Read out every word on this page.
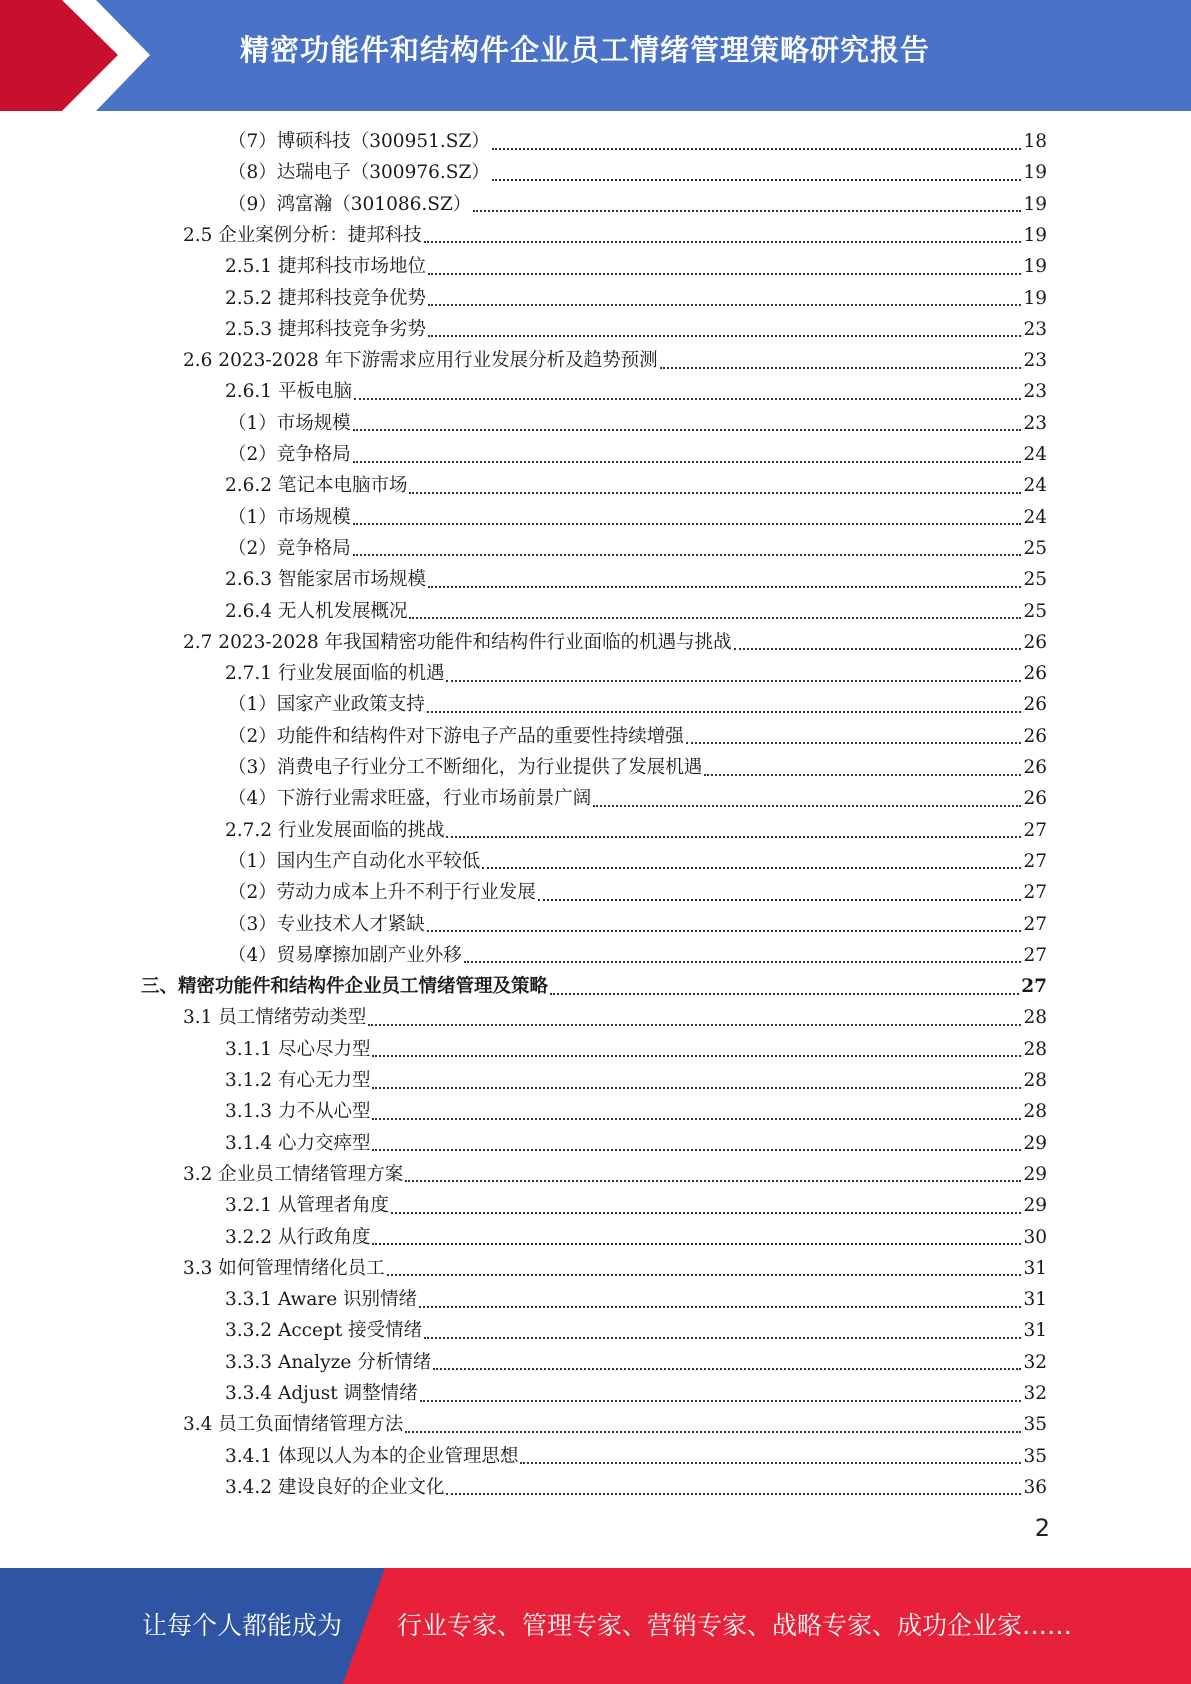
精密功能件和结构件企业员工情绪管理策略研究报告
（7）博硕科技（300951.SZ）	18
（8）达瑞电子（300976.SZ）	19
（9）鸿富瀚（301086.SZ）	19
2.5 企业案例分析：捷邦科技	19
2.5.1 捷邦科技市场地位	19
2.5.2 捷邦科技竞争优势	19
2.5.3 捷邦科技竞争劣势	23
2.6 2023-2028 年下游需求应用行业发展分析及趋势预测	23
2.6.1 平板电脑	23
（1）市场规模	23
（2）竞争格局	24
2.6.2 笔记本电脑市场	24
（1）市场规模	24
（2）竞争格局	25
2.6.3 智能家居市场规模	25
2.6.4 无人机发展概况	25
2.7 2023-2028 年我国精密功能件和结构件行业面临的机遇与挑战	26
2.7.1 行业发展面临的机遇	26
（1）国家产业政策支持	26
（2）功能件和结构件对下游电子产品的重要性持续增强	26
（3）消费电子行业分工不断细化，为行业提供了发展机遇	26
（4）下游行业需求旺盛，行业市场前景广阔	26
2.7.2 行业发展面临的挑战	27
（1）国内生产自动化水平较低	27
（2）劳动力成本上升不利于行业发展	27
（3）专业技术人才紧缺	27
（4）贸易摩擦加剧产业外移	27
三、精密功能件和结构件企业员工情绪管理及策略	27
3.1 员工情绪劳动类型	28
3.1.1 尽心尽力型	28
3.1.2 有心无力型	28
3.1.3 力不从心型	28
3.1.4 心力交瘁型	29
3.2 企业员工情绪管理方案	29
3.2.1 从管理者角度	29
3.2.2 从行政角度	30
3.3 如何管理情绪化员工	31
3.3.1 Aware 识别情绪	31
3.3.2 Accept 接受情绪	31
3.3.3 Analyze 分析情绪	32
3.3.4 Adjust 调整情绪	32
3.4 员工负面情绪管理方法	35
3.4.1 体现以人为本的企业管理思想	35
3.4.2 建设良好的企业文化	36
2
让每个人都能成为 行业专家、管理专家、营销专家、战略专家、成功企业家……
